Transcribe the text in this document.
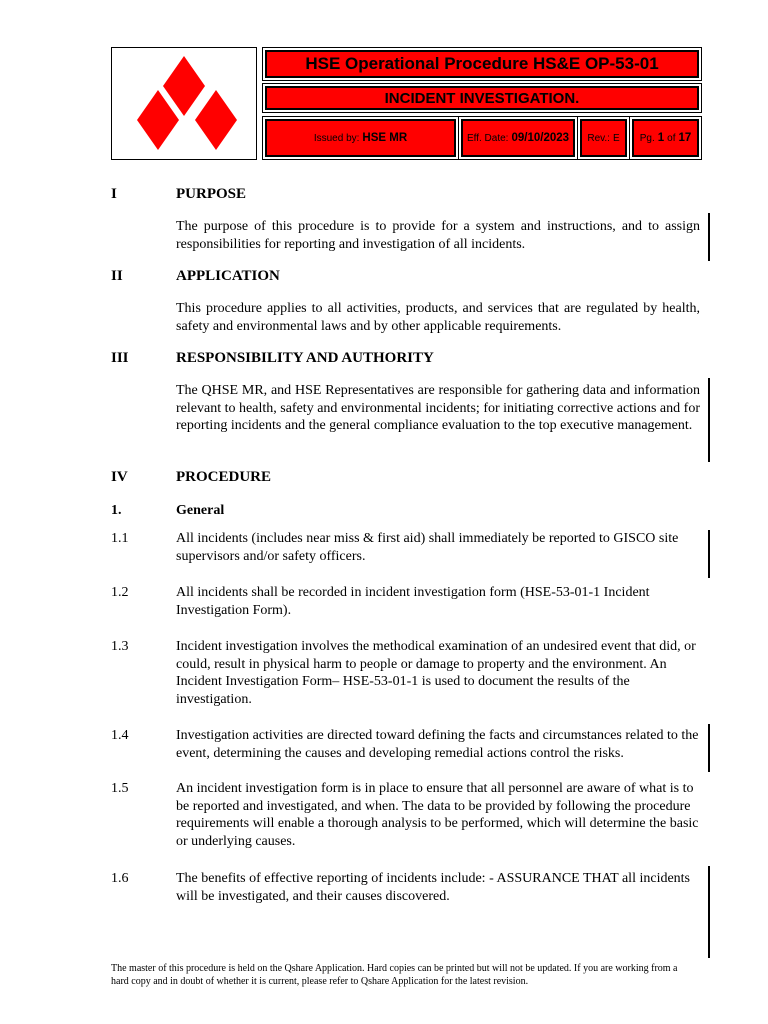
HSE Operational Procedure HS&E OP-53-01
INCIDENT INVESTIGATION.
Issued by: HSE MR	Eff. Date: 09/10/2023 Rev.: E Pg. 1 of 17
I	PURPOSE
The purpose of this procedure is to provide for a system and instructions, and to assign responsibilities for reporting and investigation of all incidents.
II	APPLICATION
This procedure applies to all activities, products, and services that are regulated by health, safety and environmental laws and by other applicable requirements.
III	RESPONSIBILITY AND AUTHORITY
The QHSE MR, and HSE Representatives are responsible for gathering data and information relevant to health, safety and environmental incidents; for initiating corrective actions and for reporting incidents and the general compliance evaluation to the top executive management.
IV	PROCEDURE
1.	General
1.1	All incidents (includes near miss & first aid) shall immediately be reported to GISCO site supervisors and/or safety officers.
1.2	All incidents shall be recorded in incident investigation form (HSE-53-01-1 Incident Investigation Form).
1.3	Incident investigation involves the methodical examination of an undesired event that did, or could, result in physical harm to people or damage to property and the environment. An Incident Investigation Form– HSE-53-01-1 is used to document the results of the investigation.
1.4	Investigation activities are directed toward defining the facts and circumstances related to the event, determining the causes and developing remedial actions control the risks.
1.5	An incident investigation form is in place to ensure that all personnel are aware of what is to be reported and investigated, and when. The data to be provided by following the procedure requirements will enable a thorough analysis to be performed, which will determine the basic or underlying causes.
1.6	The benefits of effective reporting of incidents include: - ASSURANCE THAT all incidents will be investigated, and their causes discovered.
The master of this procedure is held on the Qshare Application. Hard copies can be printed but will not be updated. If you are working from a hard copy and in doubt of whether it is current, please refer to Qshare Application for the latest revision.
